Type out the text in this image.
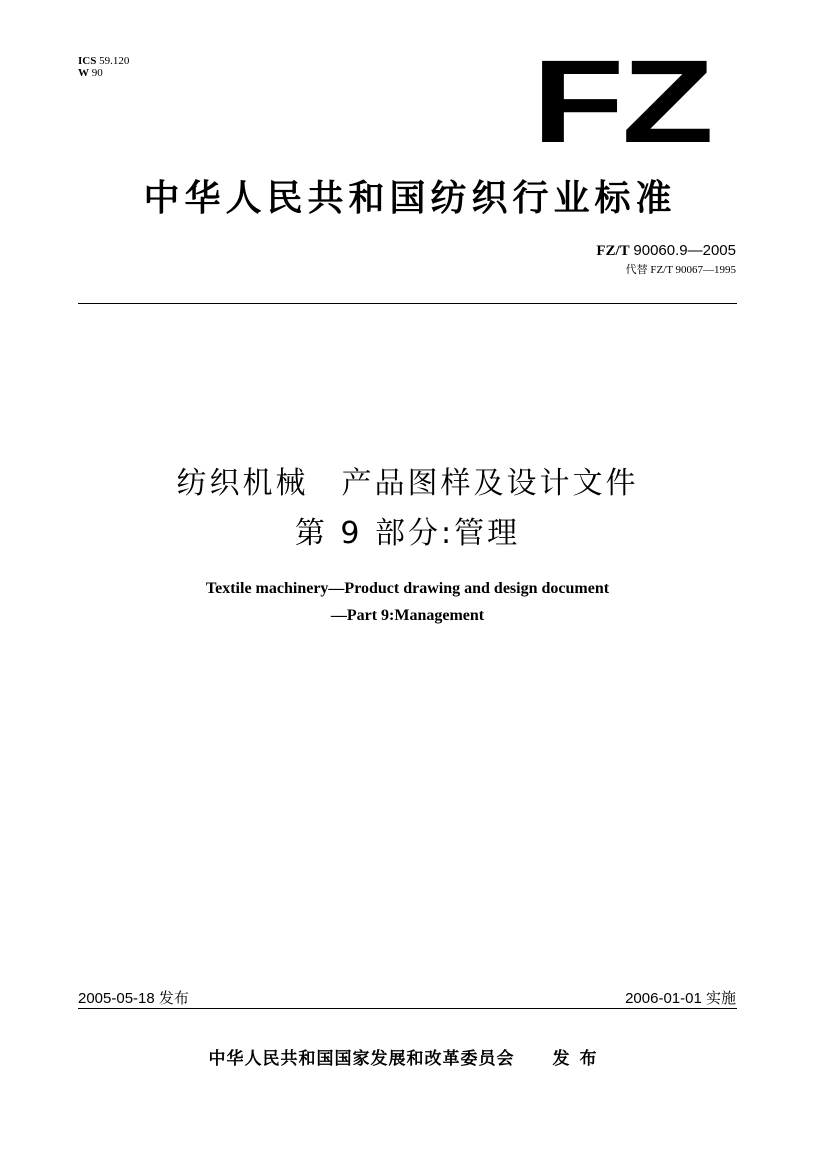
ICS 59.120
W 90	FZ
中华人民共和国纺织行业标准
FZ/T 90060.9—2005
代替 FZ/T 90067—1995
纺织机械　产品图样及设计文件
第 9 部分:管理
Textile machinery—Product drawing and design document
—Part 9:Management
2005-05-18 发布	2006-01-01 实施
中华人民共和国国家发展和改革委员会 发布
